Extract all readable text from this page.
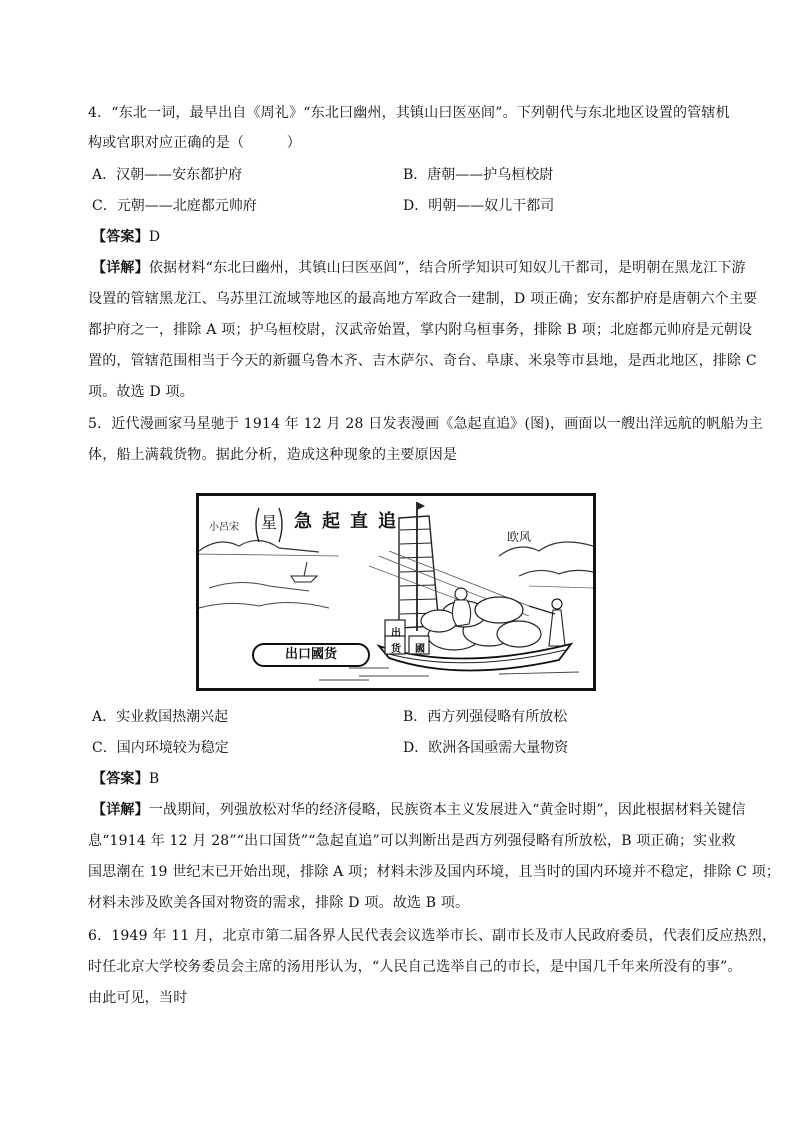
4．“东北一词，最早出自《周礼》“东北曰幽州，其镇山曰医巫闾”。下列朝代与东北地区设置的管辖机
构或官职对应正确的是（　　　）
A．汉朝——安东都护府	B．唐朝——护乌桓校尉
C．元朝——北庭都元帅府	D．明朝——奴儿干都司
【答案】D
【详解】依据材料“东北曰幽州，其镇山曰医巫闾”，结合所学知识可知奴儿干都司，是明朝在黑龙江下游
设置的管辖黑龙江、乌苏里江流域等地区的最高地方军政合一建制，D 项正确；安东都护府是唐朝六个主要
都护府之一，排除 A 项；护乌桓校尉，汉武帝始置，掌内附乌桓事务，排除 B 项；北庭都元帅府是元朝设
置的，管辖范围相当于今天的新疆乌鲁木齐、吉木萨尔、奇台、阜康、米泉等市县地，是西北地区，排除 C
项。故选 D 项。
5．近代漫画家马星驰于 1914 年 12 月 28 日发表漫画《急起直追》(图)，画面以一艘出洋远航的帆船为主
体，船上满载货物。据此分析，造成这种现象的主要原因是
小呂宋 星 急起直追
欧风
出
货	國
出口國货
A．实业救国热潮兴起	B．西方列强侵略有所放松
C．国内环境较为稳定	D．欧洲各国亟需大量物资
【答案】B
【详解】一战期间，列强放松对华的经济侵略，民族资本主义发展进入“黄金时期”，因此根据材料关键信
息“1914 年 12 月 28”“出口国货”“急起直追”可以判断出是西方列强侵略有所放松，B 项正确；实业救
国思潮在 19 世纪末已开始出现，排除 A 项；材料未涉及国内环境，且当时的国内环境并不稳定，排除 C 项；
材料未涉及欧美各国对物资的需求，排除 D 项。故选 B 项。
6．1949 年 11 月，北京市第二届各界人民代表会议选举市长、副市长及市人民政府委员，代表们反应热烈，
时任北京大学校务委员会主席的汤用彤认为，“人民自己选举自己的市长，是中国几千年来所没有的事”。
由此可见，当时
